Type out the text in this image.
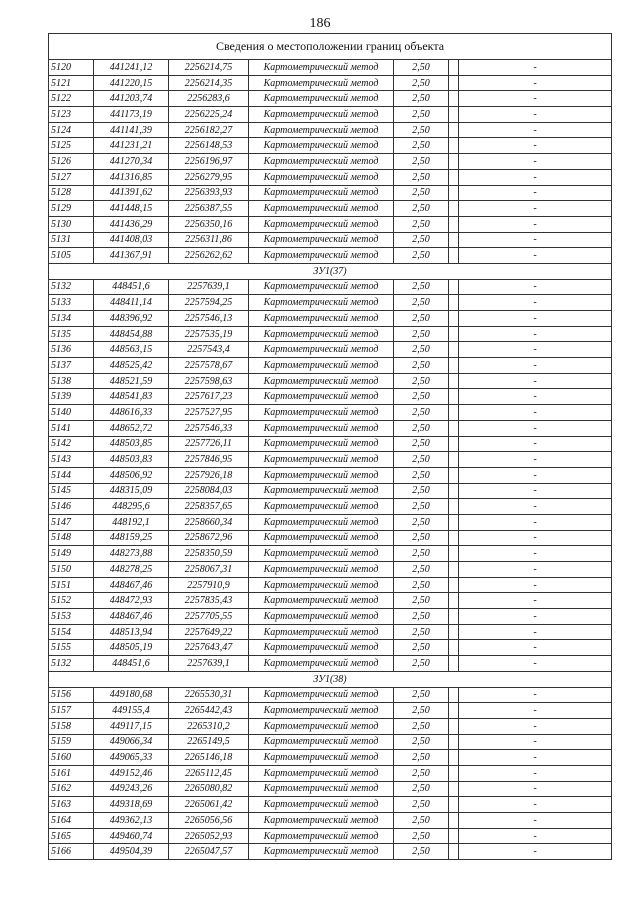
186
Сведения о местоположении границ объекта						
5120	441241,12	2256214,75	Картометрический метод	2,50		-
5121	441220,15	2256214,35	Картометрический метод	2,50		-
5122	441203,74	2256283,6	Картометрический метод	2,50		-
5123	441173,19	2256225,24	Картометрический метод	2,50		-
5124	441141,39	2256182,27	Картометрический метод	2,50		-
5125	441231,21	2256148,53	Картометрический метод	2,50		-
5126	441270,34	2256196,97	Картометрический метод	2,50		-
5127	441316,85	2256279,95	Картометрический метод	2,50		-
5128	441391,62	2256393,93	Картометрический метод	2,50		-
5129	441448,15	2256387,55	Картометрический метод	2,50		-
5130	441436,29	2256350,16	Картометрический метод	2,50		-
5131	441408,03	2256311,86	Картометрический метод	2,50		-
5105	441367,91	2256262,62	Картометрический метод	2,50		-
ЗУ1(37)						
5132	448451,6	2257639,1	Картометрический метод	2,50		-
5133	448411,14	2257594,25	Картометрический метод	2,50		-
5134	448396,92	2257546,13	Картометрический метод	2,50		-
5135	448454,88	2257535,19	Картометрический метод	2,50		-
5136	448563,15	2257543,4	Картометрический метод	2,50		-
5137	448525,42	2257578,67	Картометрический метод	2,50		-
5138	448521,59	2257598,63	Картометрический метод	2,50		-
5139	448541,83	2257617,23	Картометрический метод	2,50		-
5140	448616,33	2257527,95	Картометрический метод	2,50		-
5141	448652,72	2257546,33	Картометрический метод	2,50		-
5142	448503,85	2257726,11	Картометрический метод	2,50		-
5143	448503,83	2257846,95	Картометрический метод	2,50		-
5144	448506,92	2257926,18	Картометрический метод	2,50		-
5145	448315,09	2258084,03	Картометрический метод	2,50		-
5146	448295,6	2258357,65	Картометрический метод	2,50		-
5147	448192,1	2258660,34	Картометрический метод	2,50		-
5148	448159,25	2258672,96	Картометрический метод	2,50		-
5149	448273,88	2258350,59	Картометрический метод	2,50		-
5150	448278,25	2258067,31	Картометрический метод	2,50		-
5151	448467,46	2257910,9	Картометрический метод	2,50		-
5152	448472,93	2257835,43	Картометрический метод	2,50		-
5153	448467,46	2257705,55	Картометрический метод	2,50		-
5154	448513,94	2257649,22	Картометрический метод	2,50		-
5155	448505,19	2257643,47	Картометрический метод	2,50		-
5132	448451,6	2257639,1	Картометрический метод	2,50		-
ЗУ1(38)						
5156	449180,68	2265530,31	Картометрический метод	2,50		-
5157	449155,4	2265442,43	Картометрический метод	2,50		-
5158	449117,15	2265310,2	Картометрический метод	2,50		-
5159	449066,34	2265149,5	Картометрический метод	2,50		-
5160	449065,33	2265146,18	Картометрический метод	2,50		-
5161	449152,46	2265112,45	Картометрический метод	2,50		-
5162	449243,26	2265080,82	Картометрический метод	2,50		-
5163	449318,69	2265061,42	Картометрический метод	2,50		-
5164	449362,13	2265056,56	Картометрический метод	2,50		-
5165	449460,74	2265052,93	Картометрический метод	2,50		-
5166	449504,39	2265047,57	Картометрический метод	2,50		-
